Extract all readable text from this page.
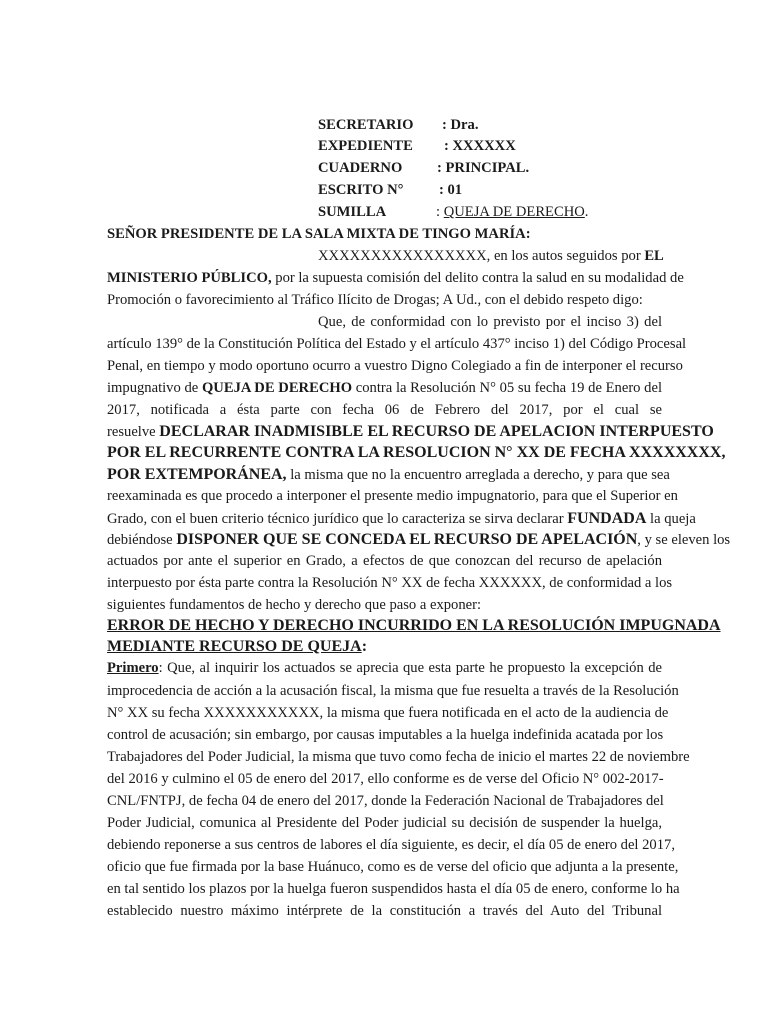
SECRETARIO : Dra.
EXPEDIENTE : XXXXXX
CUADERNO : PRINCIPAL.
ESCRITO N° : 01
SUMILLA	: QUEJA DE DERECHO.
SEÑOR PRESIDENTE DE LA SALA MIXTA DE TINGO MARÍA:
XXXXXXXXXXXXXXXX, en los autos seguidos por EL
MINISTERIO PÚBLICO, por la supuesta comisión del delito contra la salud en su modalidad de
Promoción o favorecimiento al Tráfico Ilícito de Drogas; A Ud., con el debido respeto digo:
Que, de conformidad con lo previsto por el inciso 3) del
artículo 139° de la Constitución Política del Estado y el artículo 437° inciso 1) del Código Procesal
Penal, en tiempo y modo oportuno ocurro a vuestro Digno Colegiado a fin de interponer el recurso
impugnativo de QUEJA DE DERECHO contra la Resolución N° 05 su fecha 19 de Enero del
2017, notificada a ésta parte con fecha 06 de Febrero del 2017, por el cual se
resuelve DECLARAR INADMISIBLE EL RECURSO DE APELACION INTERPUESTO
POR EL RECURRENTE CONTRA LA RESOLUCION N° XX DE FECHA XXXXXXXX,
POR EXTEMPORÁNEA, la misma que no la encuentro arreglada a derecho, y para que sea
reexaminada es que procedo a interponer el presente medio impugnatorio, para que el Superior en
Grado, con el buen criterio técnico jurídico que lo caracteriza se sirva declarar FUNDADA la queja
debiéndose DISPONER QUE SE CONCEDA EL RECURSO DE APELACIÓN, y se eleven los
actuados por ante el superior en Grado, a efectos de que conozcan del recurso de apelación
interpuesto por ésta parte contra la Resolución N° XX de fecha XXXXXX, de conformidad a los
siguientes fundamentos de hecho y derecho que paso a exponer:
ERROR DE HECHO Y DERECHO INCURRIDO EN LA RESOLUCIÓN IMPUGNADA
MEDIANTE RECURSO DE QUEJA:
Primero: Que, al inquirir los actuados se aprecia que esta parte he propuesto la excepción de
improcedencia de acción a la acusación fiscal, la misma que fue resuelta a través de la Resolución
N° XX su fecha XXXXXXXXXXX, la misma que fuera notificada en el acto de la audiencia de
control de acusación; sin embargo, por causas imputables a la huelga indefinida acatada por los
Trabajadores del Poder Judicial, la misma que tuvo como fecha de inicio el martes 22 de noviembre
del 2016 y culmino el 05 de enero del 2017, ello conforme es de verse del Oficio N° 002-2017-
CNL/FNTPJ, de fecha 04 de enero del 2017, donde la Federación Nacional de Trabajadores del
Poder Judicial, comunica al Presidente del Poder judicial su decisión de suspender la huelga,
debiendo reponerse a sus centros de labores el día siguiente, es decir, el día 05 de enero del 2017,
oficio que fue firmada por la base Huánuco, como es de verse del oficio que adjunta a la presente,
en tal sentido los plazos por la huelga fueron suspendidos hasta el día 05 de enero, conforme lo ha
establecido nuestro máximo intérprete de la constitución a través del Auto del Tribunal
